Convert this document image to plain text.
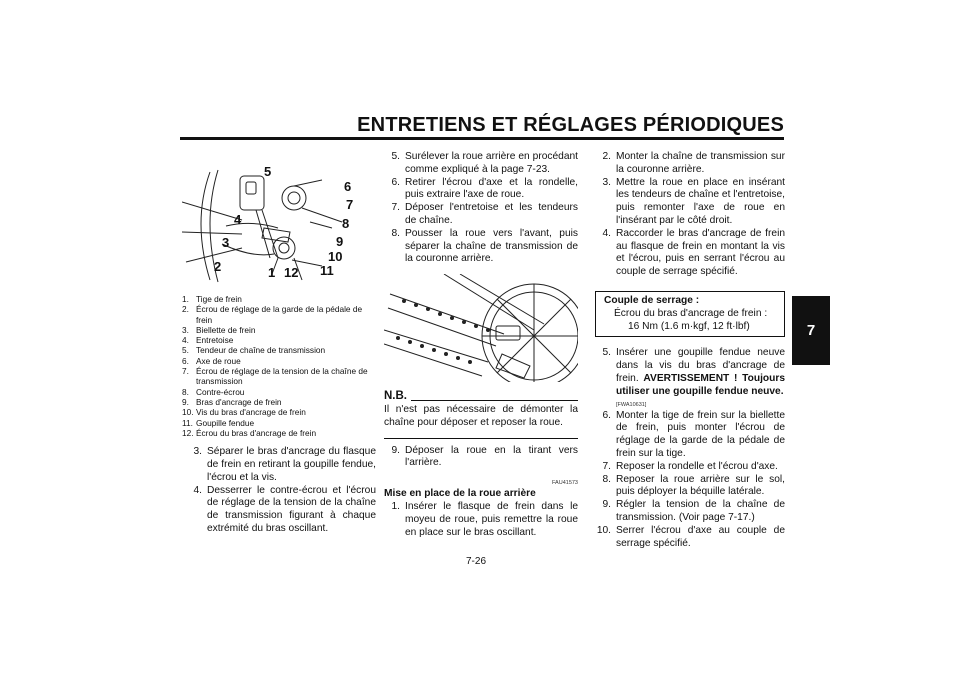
ENTRETIENS ET RÉGLAGES PÉRIODIQUES
7
7-26
5
6
7
8
9
10
11
12
1
2
3
4
1. Tige de frein
2. Écrou de réglage de la garde de la pédale de frein
3. Biellette de frein
4. Entretoise
5. Tendeur de chaîne de transmission
6. Axe de roue
7. Écrou de réglage de la tension de la chaîne de transmission
8. Contre-écrou
9. Bras d'ancrage de frein
10. Vis du bras d'ancrage de frein
11. Goupille fendue
12. Écrou du bras d'ancrage de frein
3. Séparer le bras d'ancrage du flasque de frein en retirant la goupille fendue, l'écrou et la vis.
4. Desserrer le contre-écrou et l'écrou de réglage de la tension de la chaîne de transmission figurant à chaque extrémité du bras oscillant.
5. Surélever la roue arrière en procédant comme expliqué à la page 7-23.
6. Retirer l'écrou d'axe et la rondelle, puis extraire l'axe de roue.
7. Déposer l'entretoise et les tendeurs de chaîne.
8. Pousser la roue vers l'avant, puis séparer la chaîne de transmission de la couronne arrière.
N.B.
Il n'est pas nécessaire de démonter la chaîne pour déposer et reposer la roue.
9. Déposer la roue en la tirant vers l'arrière.
FAU41573
Mise en place de la roue arrière
1. Insérer le flasque de frein dans le moyeu de roue, puis remettre la roue en place sur le bras oscillant.
2. Monter la chaîne de transmission sur la couronne arrière.
3. Mettre la roue en place en insérant les tendeurs de chaîne et l'entretoise, puis remonter l'axe de roue en l'insérant par le côté droit.
4. Raccorder le bras d'ancrage de frein au flasque de frein en montant la vis et l'écrou, puis en serrant l'écrou au couple de serrage spécifié.
Couple de serrage :
Écrou du bras d'ancrage de frein :
16 Nm (1.6 m·kgf, 12 ft·lbf)
5. Insérer une goupille fendue neuve dans la vis du bras d'ancrage de frein. AVERTISSEMENT ! Toujours utiliser une goupille fendue neuve.
[FWA10631]
6. Monter la tige de frein sur la biellette de frein, puis monter l'écrou de réglage de la garde de la pédale de frein sur la tige.
7. Reposer la rondelle et l'écrou d'axe.
8. Reposer la roue arrière sur le sol, puis déployer la béquille latérale.
9. Régler la tension de la chaîne de transmission. (Voir page 7-17.)
10. Serrer l'écrou d'axe au couple de serrage spécifié.
